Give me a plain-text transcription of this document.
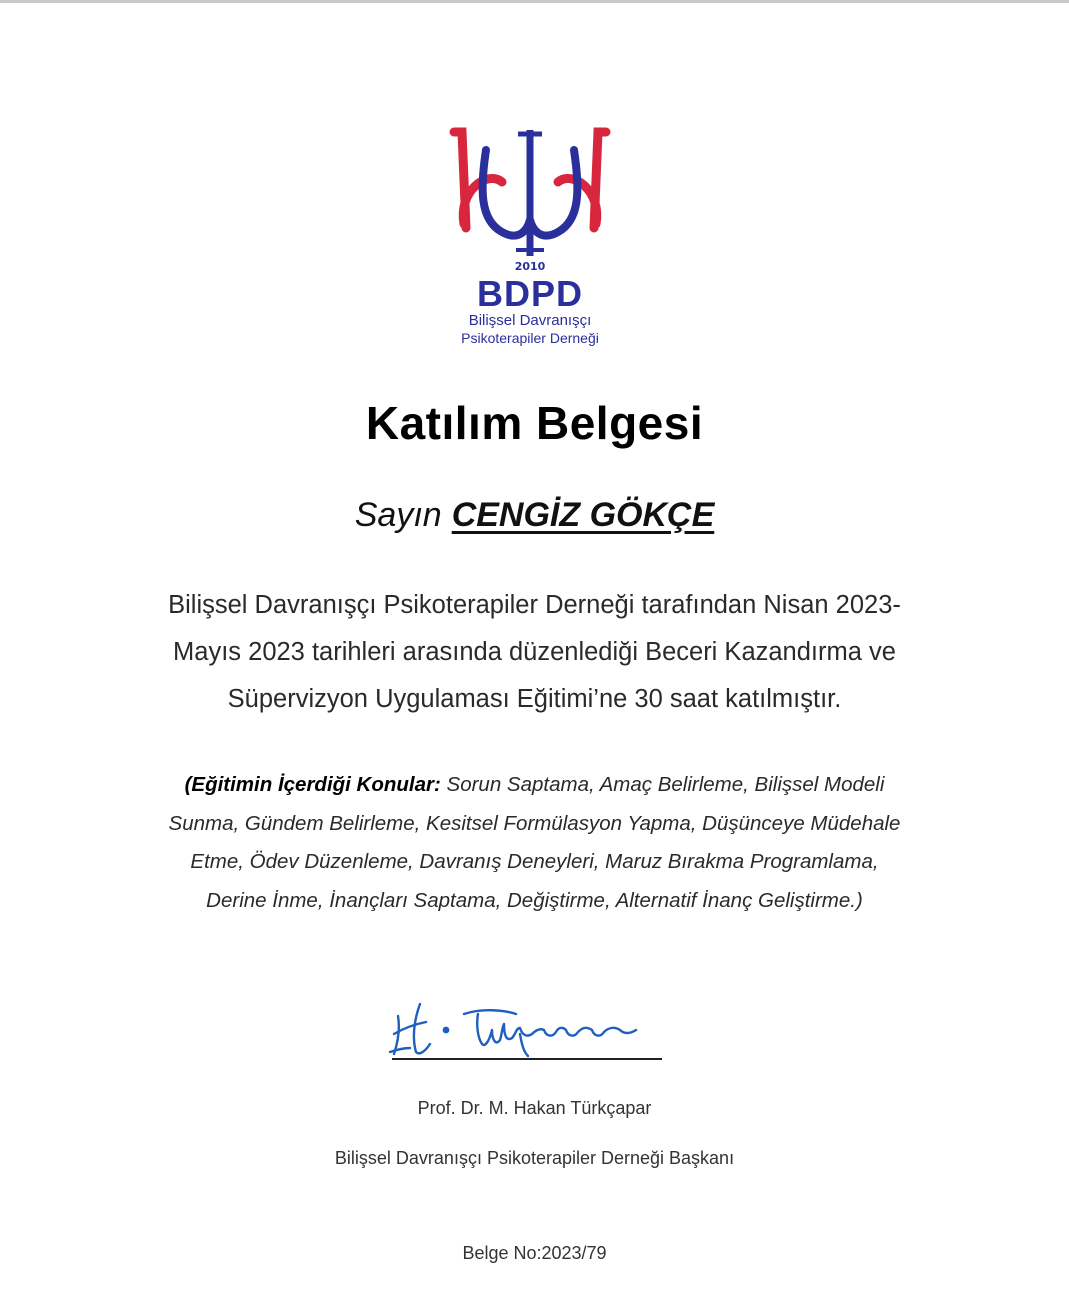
2010
BDPD
Bilişsel Davranışçı
Psikoterapiler Derneği
Katılım Belgesi
Sayın CENGİZ GÖKÇE
Bilişsel Davranışçı Psikoterapiler Derneği tarafından Nisan 2023-
Mayıs 2023 tarihleri arasında düzenlediği Beceri Kazandırma ve
Süpervizyon Uygulaması Eğitimi’ne 30 saat katılmıştır.
(Eğitimin İçerdiği Konular: Sorun Saptama, Amaç Belirleme, Bilişsel Modeli
Sunma, Gündem Belirleme, Kesitsel Formülasyon Yapma, Düşünceye Müdehale
Etme, Ödev Düzenleme, Davranış Deneyleri, Maruz Bırakma Programlama,
Derine İnme, İnançları Saptama, Değiştirme, Alternatif İnanç Geliştirme.)
Prof. Dr. M. Hakan Türkçapar
Bilişsel Davranışçı Psikoterapiler Derneği Başkanı
Belge No:2023/79
